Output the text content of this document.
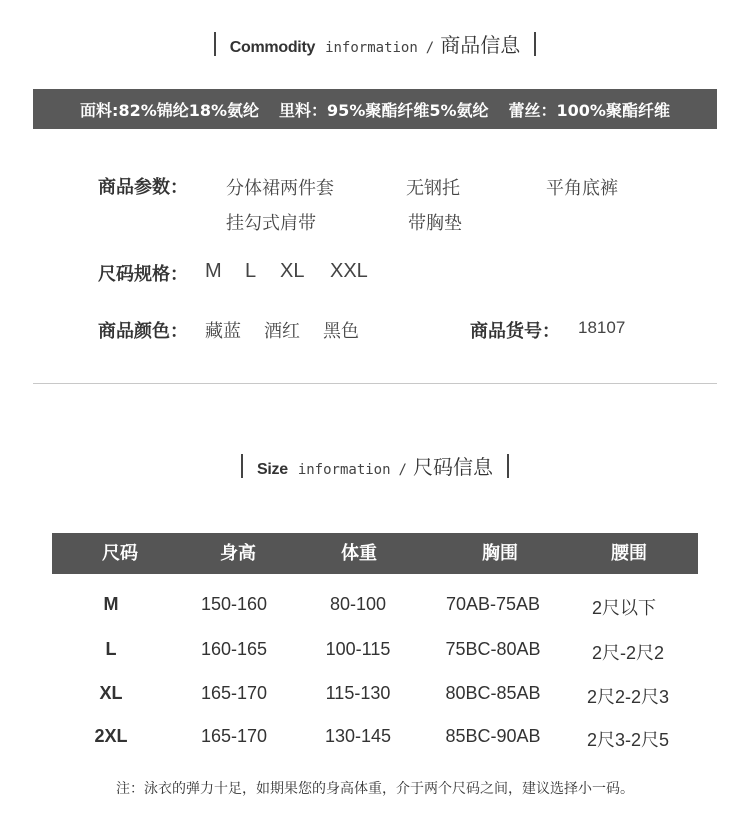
Commodity information / 商品信息
面料:82%锦纶18%氨纶 里料：95%聚酯纤维5%氨纶 蕾丝：100%聚酯纤维
商品参数： 分体裙两件套	无钢托	平角底裤
挂勾式肩带	带胸垫
尺码规格： M L XL XXL
商品颜色： 藏蓝 酒红 黑色	商品货号： 18107
Size information / 尺码信息
尺码	身高	体重	胸围	腰围
M	150-160	80-100	70AB-75AB	2尺以下
L	160-165	100-115	75BC-80AB	2尺-2尺2
XL	165-170	115-130	80BC-85AB	2尺2-2尺3
2XL	165-170	130-145	85BC-90AB	2尺3-2尺5
注：泳衣的弹力十足，如期果您的身高体重，介于两个尺码之间，建议选择小一码。
